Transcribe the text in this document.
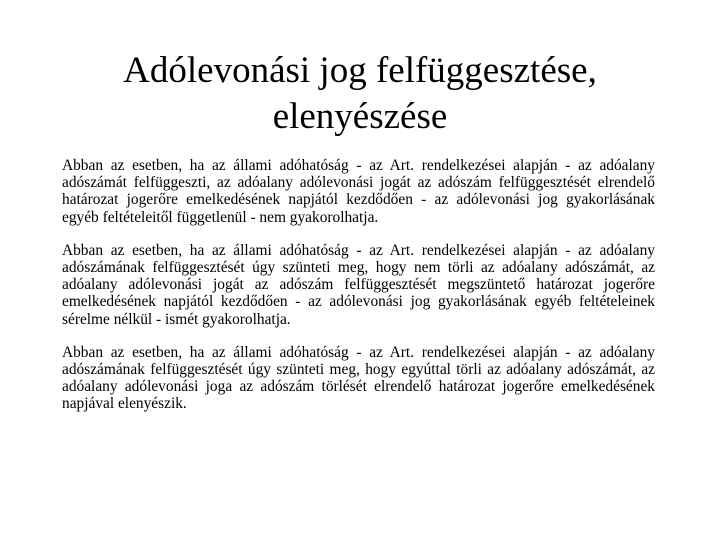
Adólevonási jog felfüggesztése,
elenyészése

Abban az esetben, ha az állami adóhatóság - az Art. rendelkezései alapján - az adóalany adószámát felfüggeszti, az adóalany adólevonási jogát az adószám felfüggesztését elrendelő határozat jogerőre emelkedésének napjától kezdődően - az adólevonási jog gyakorlásának egyéb feltételeitől függetlenül - nem gyakorolhatja.

Abban az esetben, ha az állami adóhatóság - az Art. rendelkezései alapján - az adóalany adószámának felfüggesztését úgy szünteti meg, hogy nem törli az adóalany adószámát, az adóalany adólevonási jogát az adószám felfüggesztését megszüntető határozat jogerőre emelkedésének napjától kezdődően - az adólevonási jog gyakorlásának egyéb feltételeinek sérelme nélkül - ismét gyakorolhatja.

Abban az esetben, ha az állami adóhatóság - az Art. rendelkezései alapján - az adóalany adószámának felfüggesztését úgy szünteti meg, hogy egyúttal törli az adóalany adószámát, az adóalany adólevonási joga az adószám törlését elrendelő határozat jogerőre emelkedésének napjával elenyészik.
